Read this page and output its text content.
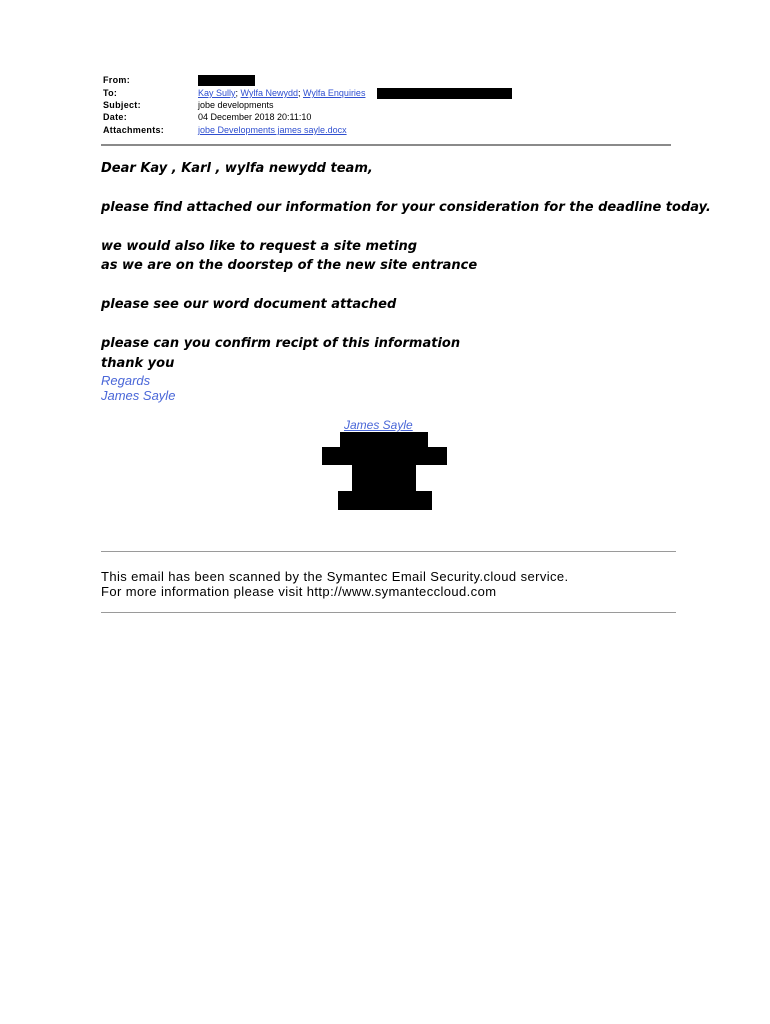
From:
To:
Subject:
Date:
Attachments:
Kay Sully; Wylfa Newydd; Wylfa Enquiries
jobe developments
04 December 2018 20:11:10
jobe Developments james sayle.docx
Dear Kay , Karl , wylfa newydd team,
please find attached our information for your consideration for the deadline today.
we would also like to request a site meting
as we are on the doorstep of the new site entrance
please see our word document attached
please can you confirm recipt of this information
thank you
Regards
James Sayle
James Sayle
This email has been scanned by the Symantec Email Security.cloud service.
For more information please visit http://www.symanteccloud.com
